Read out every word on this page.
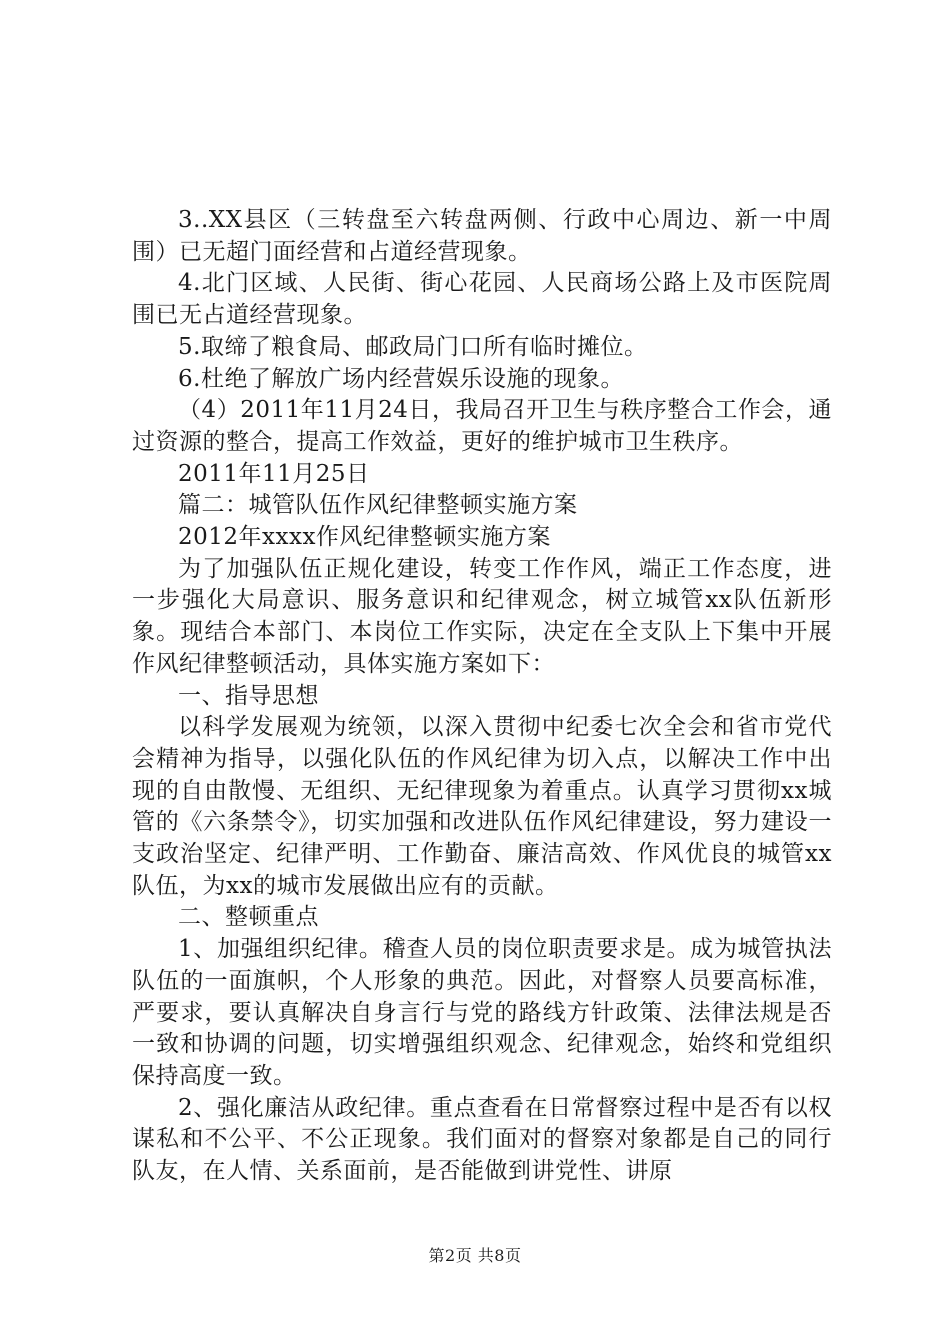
3..XX县区（三转盘至六转盘两侧、行政中心周边、新一中周围）已无超门面经营和占道经营现象。

4.北门区域、人民街、街心花园、人民商场公路上及市医院周围已无占道经营现象。

5.取缔了粮食局、邮政局门口所有临时摊位。

6.杜绝了解放广场内经营娱乐设施的现象。

（4）2011年11月24日，我局召开卫生与秩序整合工作会，通过资源的整合，提高工作效益，更好的维护城市卫生秩序。

2011年11月25日

篇二：城管队伍作风纪律整顿实施方案

2012年xxxx作风纪律整顿实施方案

为了加强队伍正规化建设，转变工作作风，端正工作态度，进一步强化大局意识、服务意识和纪律观念，树立城管xx队伍新形象。现结合本部门、本岗位工作实际，决定在全支队上下集中开展作风纪律整顿活动，具体实施方案如下：

一、指导思想

以科学发展观为统领，以深入贯彻中纪委七次全会和省市党代会精神为指导，以强化队伍的作风纪律为切入点，以解决工作中出现的自由散慢、无组织、无纪律现象为着重点。认真学习贯彻xx城管的《六条禁令》，切实加强和改进队伍作风纪律建设，努力建设一支政治坚定、纪律严明、工作勤奋、廉洁高效、作风优良的城管xx队伍，为xx的城市发展做出应有的贡献。

二、整顿重点

1、加强组织纪律。稽查人员的岗位职责要求是。成为城管执法队伍的一面旗帜，个人形象的典范。因此，对督察人员要高标准，严要求，要认真解决自身言行与党的路线方针政策、法律法规是否一致和协调的问题，切实增强组织观念、纪律观念，始终和党组织保持高度一致。

2、强化廉洁从政纪律。重点查看在日常督察过程中是否有以权谋私和不公平、不公正现象。我们面对的督察对象都是自己的同行队友，在人情、关系面前，是否能做到讲党性、讲原

第2页 共8页
